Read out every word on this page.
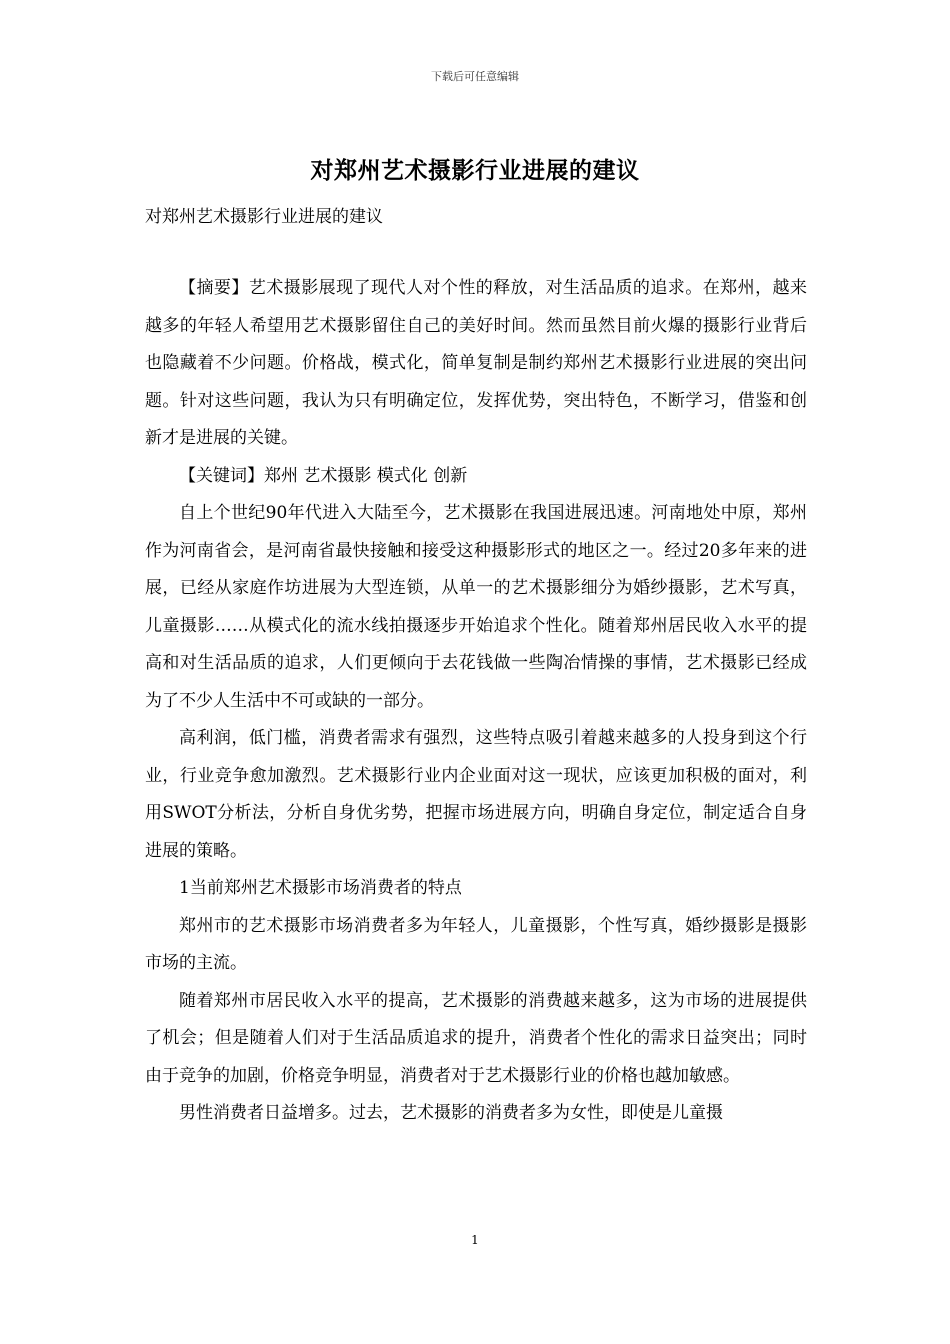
下载后可任意编辑
对郑州艺术摄影行业进展的建议
对郑州艺术摄影行业进展的建议

【摘要】艺术摄影展现了现代人对个性的释放，对生活品质的追求。在郑州，越来越多的年轻人希望用艺术摄影留住自己的美好时间。然而虽然目前火爆的摄影行业背后也隐藏着不少问题。价格战，模式化，简单复制是制约郑州艺术摄影行业进展的突出问题。针对这些问题，我认为只有明确定位，发挥优势，突出特色，不断学习，借鉴和创新才是进展的关键。

【关键词】郑州 艺术摄影 模式化 创新

自上个世纪90年代进入大陆至今，艺术摄影在我国进展迅速。河南地处中原，郑州作为河南省会，是河南省最快接触和接受这种摄影形式的地区之一。经过20多年来的进展，已经从家庭作坊进展为大型连锁，从单一的艺术摄影细分为婚纱摄影，艺术写真，儿童摄影……从模式化的流水线拍摄逐步开始追求个性化。随着郑州居民收入水平的提高和对生活品质的追求，人们更倾向于去花钱做一些陶冶情操的事情，艺术摄影已经成为了不少人生活中不可或缺的一部分。

高利润，低门槛，消费者需求有强烈，这些特点吸引着越来越多的人投身到这个行业，行业竞争愈加激烈。艺术摄影行业内企业面对这一现状，应该更加积极的面对，利用SWOT分析法，分析自身优劣势，把握市场进展方向，明确自身定位，制定适合自身进展的策略。

1当前郑州艺术摄影市场消费者的特点

郑州市的艺术摄影市场消费者多为年轻人，儿童摄影，个性写真，婚纱摄影是摄影市场的主流。

随着郑州市居民收入水平的提高，艺术摄影的消费越来越多，这为市场的进展提供了机会；但是随着人们对于生活品质追求的提升，消费者个性化的需求日益突出；同时由于竞争的加剧，价格竞争明显，消费者对于艺术摄影行业的价格也越加敏感。

男性消费者日益增多。过去，艺术摄影的消费者多为女性，即使是儿童摄

1
